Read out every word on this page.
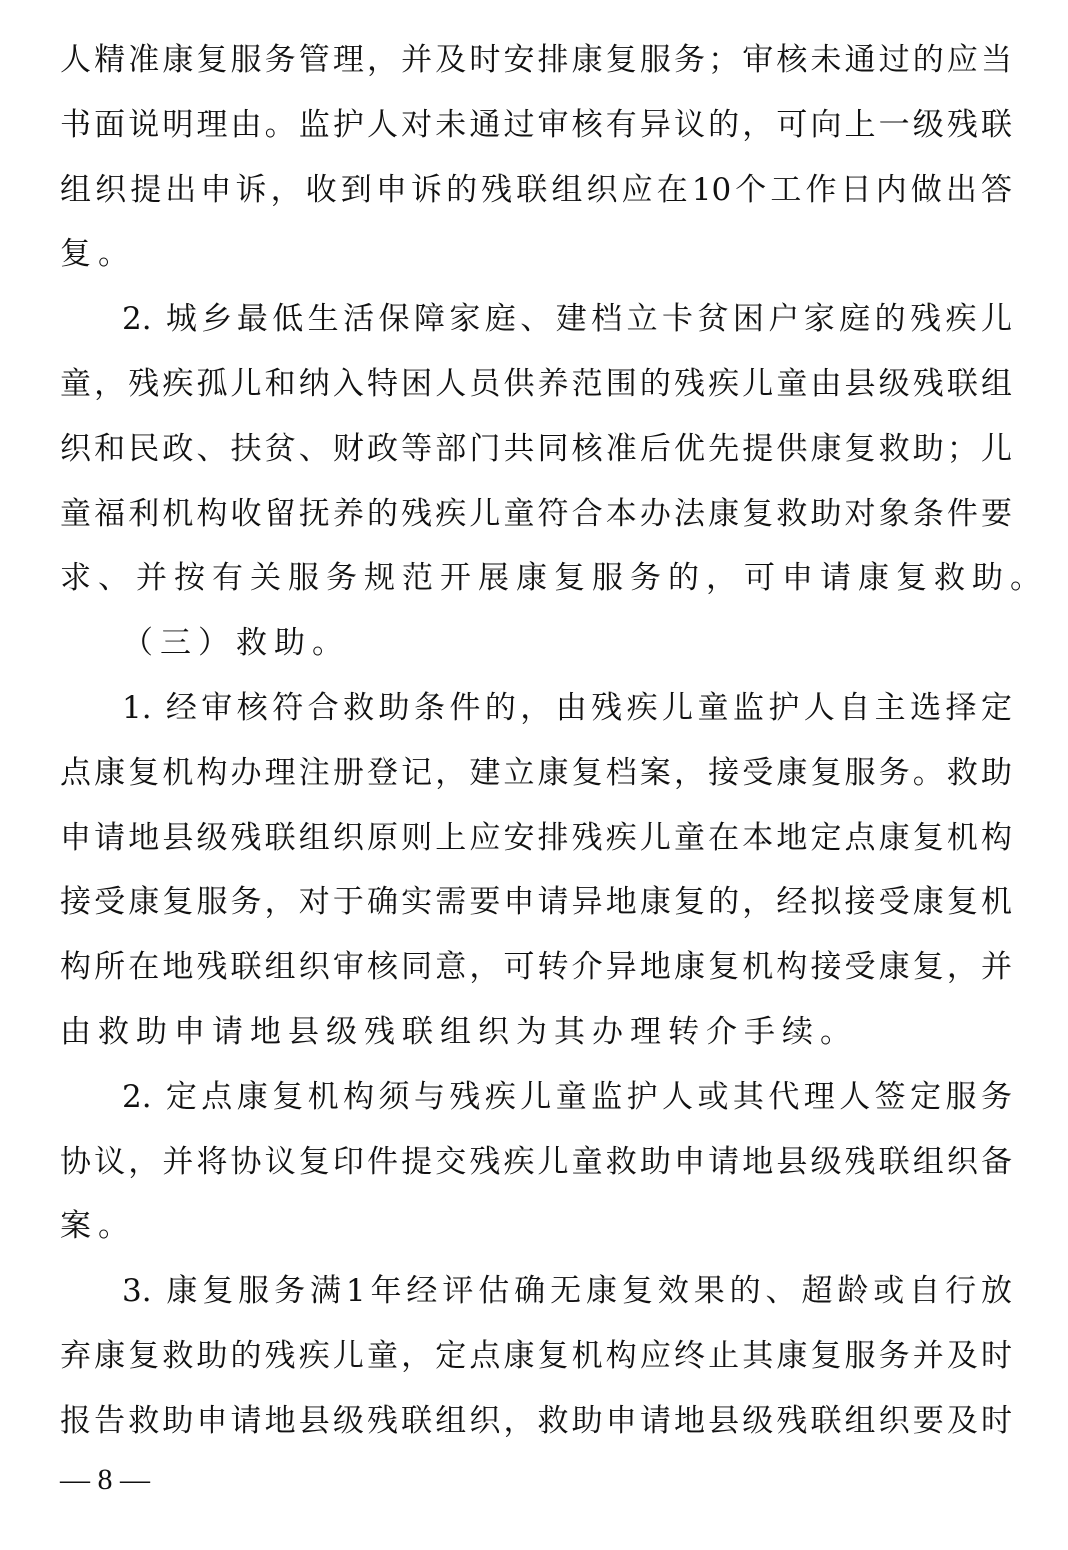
人精准康复服务管理，并及时安排康复服务；审核未通过的应当
书面说明理由。监护人对未通过审核有异议的，可向上一级残联
组织提出申诉，收到申诉的残联组织应在10个工作日内做出答
复。
2. 城乡最低生活保障家庭、建档立卡贫困户家庭的残疾儿
童，残疾孤儿和纳入特困人员供养范围的残疾儿童由县级残联组
织和民政、扶贫、财政等部门共同核准后优先提供康复救助；儿
童福利机构收留抚养的残疾儿童符合本办法康复救助对象条件要
求、并按有关服务规范开展康复服务的，可申请康复救助。
（三）救助。
1. 经审核符合救助条件的，由残疾儿童监护人自主选择定
点康复机构办理注册登记，建立康复档案，接受康复服务。救助
申请地县级残联组织原则上应安排残疾儿童在本地定点康复机构
接受康复服务，对于确实需要申请异地康复的，经拟接受康复机
构所在地残联组织审核同意，可转介异地康复机构接受康复，并
由救助申请地县级残联组织为其办理转介手续。
2. 定点康复机构须与残疾儿童监护人或其代理人签定服务
协议，并将协议复印件提交残疾儿童救助申请地县级残联组织备
案。
3. 康复服务满1年经评估确无康复效果的、超龄或自行放
弃康复救助的残疾儿童，定点康复机构应终止其康复服务并及时
报告救助申请地县级残联组织，救助申请地县级残联组织要及时
— 8 —
